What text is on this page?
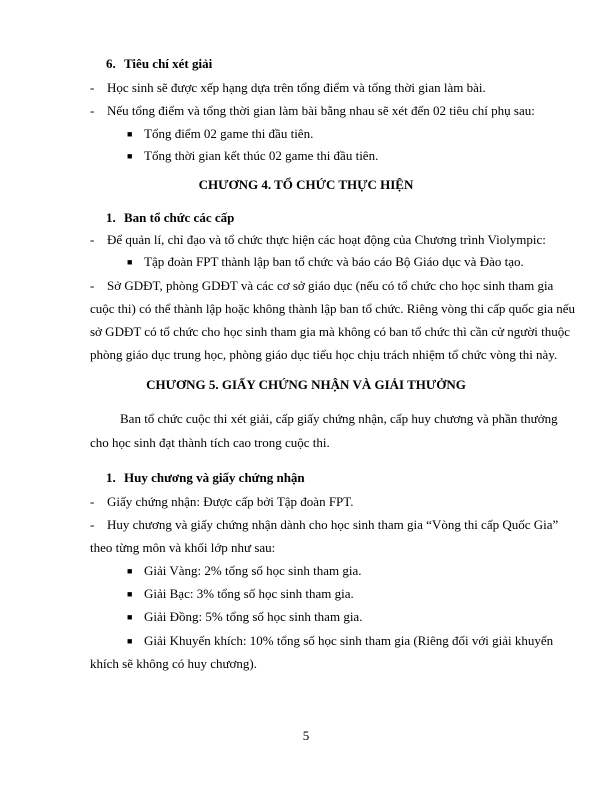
6. Tiêu chí xét giải
- Học sinh sẽ được xếp hạng dựa trên tổng điểm và tổng thời gian làm bài.
- Nếu tổng điểm và tổng thời gian làm bài bằng nhau sẽ xét đến 02 tiêu chí phụ sau:
■ Tổng điểm 02 game thi đầu tiên.
■ Tổng thời gian kết thúc 02 game thi đầu tiên.
CHƯƠNG 4. TỔ CHỨC THỰC HIỆN
1. Ban tổ chức các cấp
- Để quản lí, chỉ đạo và tổ chức thực hiện các hoạt động của Chương trình Violympic:
■ Tập đoàn FPT thành lập ban tổ chức và báo cáo Bộ Giáo dục và Đào tạo.
- Sở GDĐT, phòng GDĐT và các cơ sở giáo dục (nếu có tổ chức cho học sinh tham gia
cuộc thi) có thể thành lập hoặc không thành lập ban tổ chức. Riêng vòng thi cấp quốc gia nếu
sở GDĐT có tổ chức cho học sinh tham gia mà không có ban tổ chức thì cần cử người thuộc
phòng giáo dục trung học, phòng giáo dục tiểu học chịu trách nhiệm tổ chức vòng thi này.
CHƯƠNG 5. GIẤY CHỨNG NHẬN VÀ GIẢI THƯỞNG
Ban tổ chức cuộc thi xét giải, cấp giấy chứng nhận, cấp huy chương và phần thưởng
cho học sinh đạt thành tích cao trong cuộc thi.
1. Huy chương và giấy chứng nhận
- Giấy chứng nhận: Được cấp bởi Tập đoàn FPT.
- Huy chương và giấy chứng nhận dành cho học sinh tham gia “Vòng thi cấp Quốc Gia”
theo từng môn và khối lớp như sau:
■ Giải Vàng: 2% tổng số học sinh tham gia.
■ Giải Bạc: 3% tổng số học sinh tham gia.
■ Giải Đồng: 5% tổng số học sinh tham gia.
■ Giải Khuyến khích: 10% tổng số học sinh tham gia (Riêng đối với giải khuyến
khích sẽ không có huy chương).
5
